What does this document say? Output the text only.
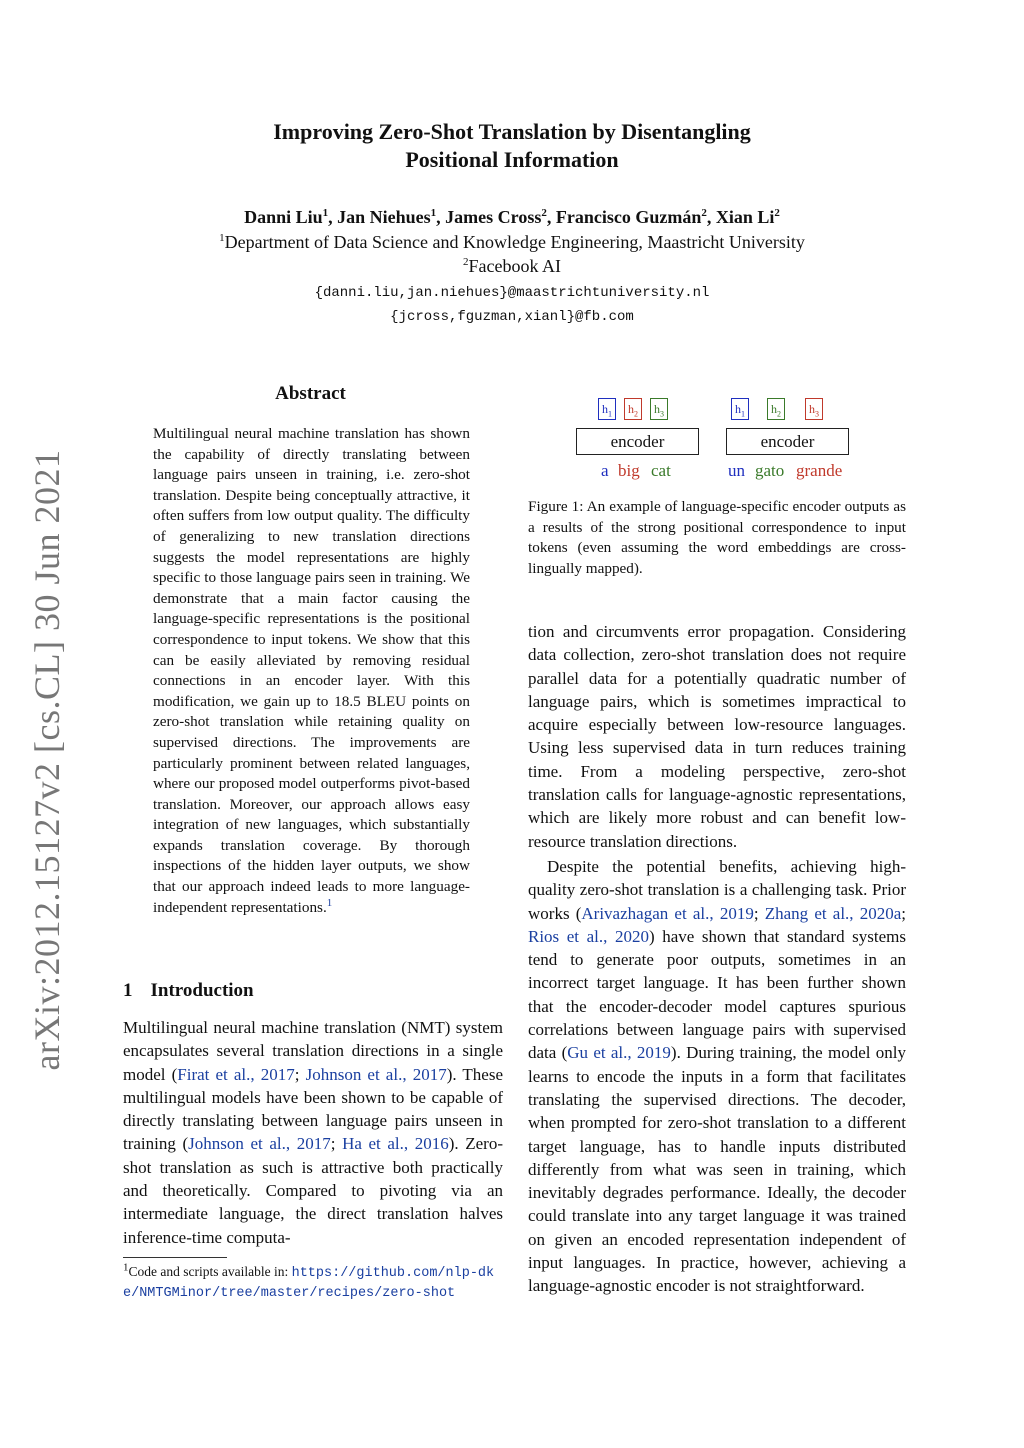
Improving Zero-Shot Translation by Disentangling
Positional Information
Danni Liu$^1$, Jan Niehues$^1$, James Cross$^2$, Francisco Guzmán$^2$, Xian Li$^2$
$^1$Department of Data Science and Knowledge Engineering, Maastricht University
$^2$Facebook AI
{danni.liu,jan.niehues}@maastrichtuniversity.nl
{jcross,fguzman,xianl}@fb.com
arXiv:2012.15127v2 [cs.CL] 30 Jun 2021
Abstract
Multilingual neural machine translation has shown the capability of directly translating between language pairs unseen in training, i.e. zero-shot translation. Despite being conceptually attractive, it often suffers from low output quality. The difficulty of generalizing to new translation directions suggests the model representations are highly specific to those language pairs seen in training. We demonstrate that a main factor causing the language-specific representations is the positional correspondence to input tokens. We show that this can be easily alleviated by removing residual connections in an encoder layer. With this modification, we gain up to 18.5 BLEU points on zero-shot translation while retaining quality on supervised directions. The improvements are particularly prominent between related languages, where our proposed model outperforms pivot-based translation. Moreover, our approach allows easy integration of new languages, which substantially expands translation coverage. By thorough inspections of the hidden layer outputs, we show that our approach indeed leads to more language-independent representations.$^1$
1 Introduction

Multilingual neural machine translation (NMT) system encapsulates several translation directions in a single model (Firat et al., 2017; Johnson et al., 2017). These multilingual models have been shown to be capable of directly translating between language pairs unseen in training (Johnson et al., 2017; Ha et al., 2016). Zero-shot translation as such is attractive both practically and theoretically. Compared to pivoting via an intermediate language, the direct translation halves inference-time computa-

$^1$Code and scripts available in: https://github.com/nlp-dke/NMTGMinor/tree/master/recipes/zero-shot
$h_1$	$h_2$	$h_3$
encoder
a big cat
$h_1$	$h_2$	$h_3$
encoder
un gato grande
Figure 1: An example of language-specific encoder outputs as a results of the strong positional correspondence to input tokens (even assuming the word embeddings are cross-lingually mapped).

tion and circumvents error propagation. Considering data collection, zero-shot translation does not require parallel data for a potentially quadratic number of language pairs, which is sometimes impractical to acquire especially between low-resource languages. Using less supervised data in turn reduces training time. From a modeling perspective, zero-shot translation calls for language-agnostic representations, which are likely more robust and can benefit low-resource translation directions.

Despite the potential benefits, achieving high-quality zero-shot translation is a challenging task. Prior works (Arivazhagan et al., 2019; Zhang et al., 2020a; Rios et al., 2020) have shown that standard systems tend to generate poor outputs, sometimes in an incorrect target language. It has been further shown that the encoder-decoder model captures spurious correlations between language pairs with supervised data (Gu et al., 2019). During training, the model only learns to encode the inputs in a form that facilitates translating the supervised directions. The decoder, when prompted for zero-shot translation to a different target language, has to handle inputs distributed differently from what was seen in training, which inevitably degrades performance. Ideally, the decoder could translate into any target language it was trained on given an encoded representation independent of input languages. In practice, however, achieving a language-agnostic encoder is not straightforward.
